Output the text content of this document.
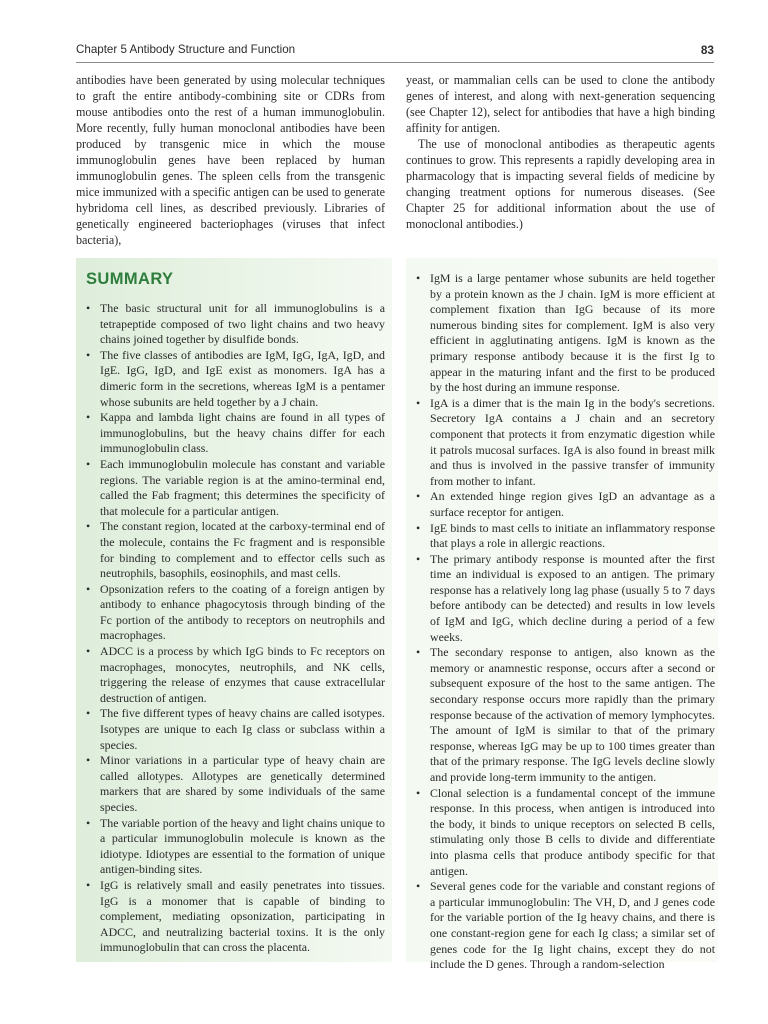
Chapter 5 Antibody Structure and Function	83

antibodies have been generated by using molecular techniques to graft the entire antibody-combining site or CDRs from mouse antibodies onto the rest of a human immunoglobulin. More recently, fully human monoclonal antibodies have been produced by transgenic mice in which the mouse immunoglobulin genes have been replaced by human immunoglobulin genes. The spleen cells from the transgenic mice immunized with a specific antigen can be used to generate hybridoma cell lines, as described previously. Libraries of genetically engineered bacteriophages (viruses that infect bacteria),

yeast, or mammalian cells can be used to clone the antibody genes of interest, and along with next-generation sequencing (see Chapter 12), select for antibodies that have a high binding affinity for antigen.

The use of monoclonal antibodies as therapeutic agents continues to grow. This represents a rapidly developing area in pharmacology that is impacting several fields of medicine by changing treatment options for numerous diseases. (See Chapter 25 for additional information about the use of monoclonal antibodies.)

SUMMARY
• The basic structural unit for all immunoglobulins is a tetrapeptide composed of two light chains and two heavy chains joined together by disulfide bonds.
• The five classes of antibodies are IgM, IgG, IgA, IgD, and IgE. IgG, IgD, and IgE exist as monomers. IgA has a dimeric form in the secretions, whereas IgM is a pentamer whose subunits are held together by a J chain.
• Kappa and lambda light chains are found in all types of immunoglobulins, but the heavy chains differ for each immunoglobulin class.
• Each immunoglobulin molecule has constant and variable regions. The variable region is at the amino-terminal end, called the Fab fragment; this determines the specificity of that molecule for a particular antigen.
• The constant region, located at the carboxy-terminal end of the molecule, contains the Fc fragment and is responsible for binding to complement and to effector cells such as neutrophils, basophils, eosinophils, and mast cells.
• Opsonization refers to the coating of a foreign antigen by antibody to enhance phagocytosis through binding of the Fc portion of the antibody to receptors on neutrophils and macrophages.
• ADCC is a process by which IgG binds to Fc receptors on macrophages, monocytes, neutrophils, and NK cells, triggering the release of enzymes that cause extracellular destruction of antigen.
• The five different types of heavy chains are called isotypes. Isotypes are unique to each Ig class or subclass within a species.
• Minor variations in a particular type of heavy chain are called allotypes. Allotypes are genetically determined markers that are shared by some individuals of the same species.
• The variable portion of the heavy and light chains unique to a particular immunoglobulin molecule is known as the idiotype. Idiotypes are essential to the formation of unique antigen-binding sites.
• IgG is relatively small and easily penetrates into tissues. IgG is a monomer that is capable of binding to complement, mediating opsonization, participating in ADCC, and neutralizing bacterial toxins. It is the only immunoglobulin that can cross the placenta.
• IgM is a large pentamer whose subunits are held together by a protein known as the J chain. IgM is more efficient at complement fixation than IgG because of its more numerous binding sites for complement. IgM is also very efficient in agglutinating antigens. IgM is known as the primary response antibody because it is the first Ig to appear in the maturing infant and the first to be produced by the host during an immune response.
• IgA is a dimer that is the main Ig in the body's secretions. Secretory IgA contains a J chain and an secretory component that protects it from enzymatic digestion while it patrols mucosal surfaces. IgA is also found in breast milk and thus is involved in the passive transfer of immunity from mother to infant.
• An extended hinge region gives IgD an advantage as a surface receptor for antigen.
• IgE binds to mast cells to initiate an inflammatory response that plays a role in allergic reactions.
• The primary antibody response is mounted after the first time an individual is exposed to an antigen. The primary response has a relatively long lag phase (usually 5 to 7 days before antibody can be detected) and results in low levels of IgM and IgG, which decline during a period of a few weeks.
• The secondary response to antigen, also known as the memory or anamnestic response, occurs after a second or subsequent exposure of the host to the same antigen. The secondary response occurs more rapidly than the primary response because of the activation of memory lymphocytes. The amount of IgM is similar to that of the primary response, whereas IgG may be up to 100 times greater than that of the primary response. The IgG levels decline slowly and provide long-term immunity to the antigen.
• Clonal selection is a fundamental concept of the immune response. In this process, when antigen is introduced into the body, it binds to unique receptors on selected B cells, stimulating only those B cells to divide and differentiate into plasma cells that produce antibody specific for that antigen.
• Several genes code for the variable and constant regions of a particular immunoglobulin: The VH, D, and J genes code for the variable portion of the Ig heavy chains, and there is one constant-region gene for each Ig class; a similar set of genes code for the Ig light chains, except they do not include the D genes. Through a random-selection
